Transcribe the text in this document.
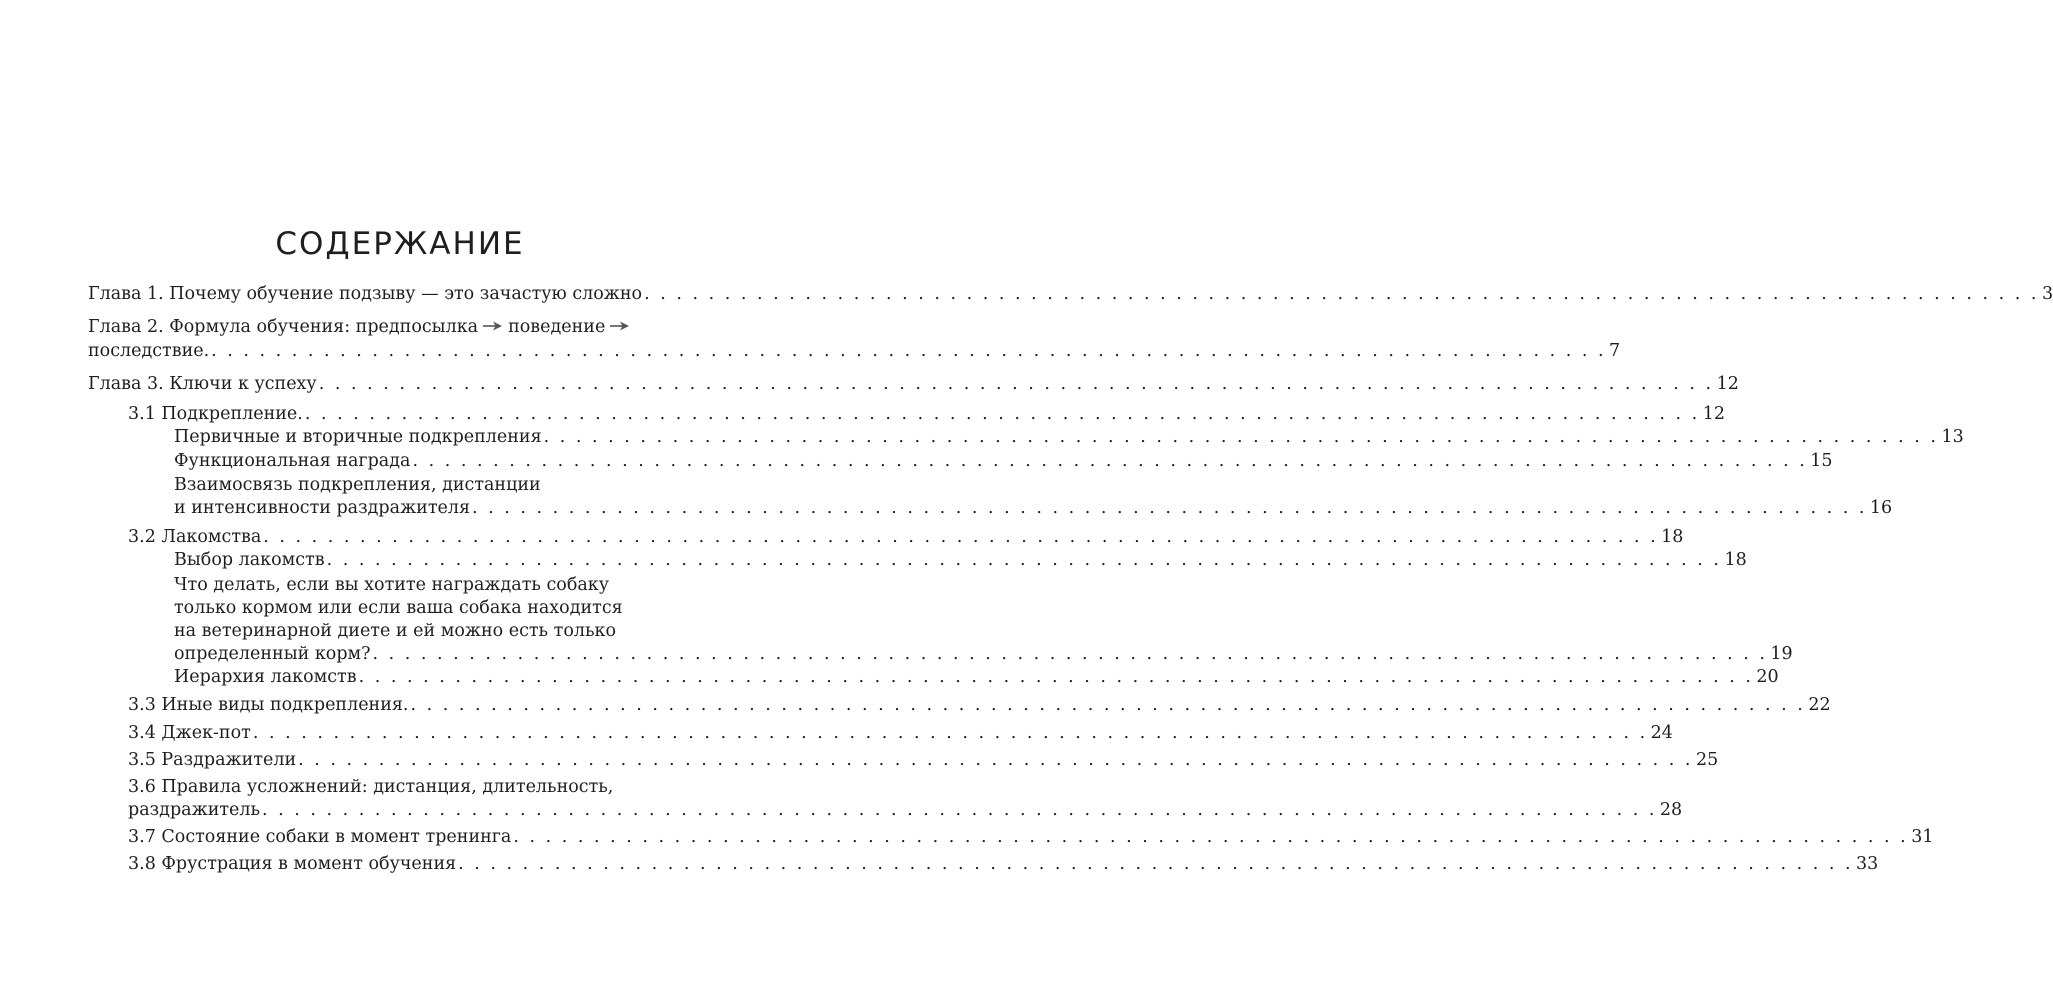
СОДЕРЖАНИЕ
Глава 1. Почему обучение подзыву — это зачастую сложно . . . . . . . . . . . . . . . . . . . . . . . . . . . . . . . . . . . . . . . . . . . . . . . . . . . . . . . . . . . . . . . . . . . . . . . . . . . . . . . . . . . . . . . 3
Глава 2. Формула обучения: предпосылка поведение
последствие. . . . . . . . . . . . . . . . . . . . . . . . . . . . . . . . . . . . . . . . . . . . . . . . . . . . . . . . . . . . . . . . . . . . . . . . . . . . . . . . . . . . . . . . 7
Глава 3. Ключи к успеху . . . . . . . . . . . . . . . . . . . . . . . . . . . . . . . . . . . . . . . . . . . . . . . . . . . . . . . . . . . . . . . . . . . . . . . . . . . . . . . . . . . . . . . 12
3.1 Подкрепление. . . . . . . . . . . . . . . . . . . . . . . . . . . . . . . . . . . . . . . . . . . . . . . . . . . . . . . . . . . . . . . . . . . . . . . . . . . . . . . . . . . . . . . . 12
Первичные и вторичные подкрепления . . . . . . . . . . . . . . . . . . . . . . . . . . . . . . . . . . . . . . . . . . . . . . . . . . . . . . . . . . . . . . . . . . . . . . . . . . . . . . . . . . . . . . . 13
Функциональная награда . . . . . . . . . . . . . . . . . . . . . . . . . . . . . . . . . . . . . . . . . . . . . . . . . . . . . . . . . . . . . . . . . . . . . . . . . . . . . . . . . . . . . . . 15
Взаимосвязь подкрепления, дистанции
и интенсивности раздражителя . . . . . . . . . . . . . . . . . . . . . . . . . . . . . . . . . . . . . . . . . . . . . . . . . . . . . . . . . . . . . . . . . . . . . . . . . . . . . . . . . . . . . . . 16
3.2 Лакомства . . . . . . . . . . . . . . . . . . . . . . . . . . . . . . . . . . . . . . . . . . . . . . . . . . . . . . . . . . . . . . . . . . . . . . . . . . . . . . . . . . . . . . . 18
Выбор лакомств . . . . . . . . . . . . . . . . . . . . . . . . . . . . . . . . . . . . . . . . . . . . . . . . . . . . . . . . . . . . . . . . . . . . . . . . . . . . . . . . . . . . . . . 18
Что делать, если вы хотите награждать собаку
только кормом или если ваша собака находится
на ветеринарной диете и ей можно есть только
определенный корм? . . . . . . . . . . . . . . . . . . . . . . . . . . . . . . . . . . . . . . . . . . . . . . . . . . . . . . . . . . . . . . . . . . . . . . . . . . . . . . . . . . . . . . . 19
Иерархия лакомств . . . . . . . . . . . . . . . . . . . . . . . . . . . . . . . . . . . . . . . . . . . . . . . . . . . . . . . . . . . . . . . . . . . . . . . . . . . . . . . . . . . . . . . 20
3.3 Иные виды подкрепления. . . . . . . . . . . . . . . . . . . . . . . . . . . . . . . . . . . . . . . . . . . . . . . . . . . . . . . . . . . . . . . . . . . . . . . . . . . . . . . . . . . . . . . . 22
3.4 Джек-пот . . . . . . . . . . . . . . . . . . . . . . . . . . . . . . . . . . . . . . . . . . . . . . . . . . . . . . . . . . . . . . . . . . . . . . . . . . . . . . . . . . . . . . . 24
3.5 Раздражители . . . . . . . . . . . . . . . . . . . . . . . . . . . . . . . . . . . . . . . . . . . . . . . . . . . . . . . . . . . . . . . . . . . . . . . . . . . . . . . . . . . . . . . 25
3.6 Правила усложнений: дистанция, длительность,
раздражитель . . . . . . . . . . . . . . . . . . . . . . . . . . . . . . . . . . . . . . . . . . . . . . . . . . . . . . . . . . . . . . . . . . . . . . . . . . . . . . . . . . . . . . . 28
3.7 Состояние собаки в момент тренинга . . . . . . . . . . . . . . . . . . . . . . . . . . . . . . . . . . . . . . . . . . . . . . . . . . . . . . . . . . . . . . . . . . . . . . . . . . . . . . . . . . . . . . . 31
3.8 Фрустрация в момент обучения . . . . . . . . . . . . . . . . . . . . . . . . . . . . . . . . . . . . . . . . . . . . . . . . . . . . . . . . . . . . . . . . . . . . . . . . . . . . . . . . . . . . . . . 33
